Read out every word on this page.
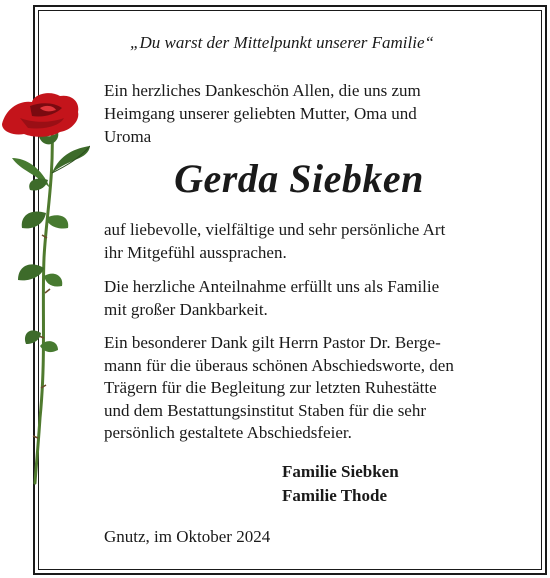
„Du warst der Mittelpunkt unserer Familie“

Ein herzliches Dankeschön Allen, die uns zum
Heimgang unserer geliebten Mutter, Oma und
Uroma

Gerda Siebken

auf liebevolle, vielfältige und sehr persönliche Art
ihr Mitgefühl aussprachen.

Die herzliche Anteilnahme erfüllt uns als Familie
mit großer Dankbarkeit.

Ein besonderer Dank gilt Herrn Pastor Dr. Berge-
mann für die überaus schönen Abschiedsworte, den
Trägern für die Begleitung zur letzten Ruhestätte
und dem Bestattungsinstitut Staben für die sehr
persönlich gestaltete Abschiedsfeier.

Familie Siebken
Familie Thode
Gnutz, im Oktober 2024
